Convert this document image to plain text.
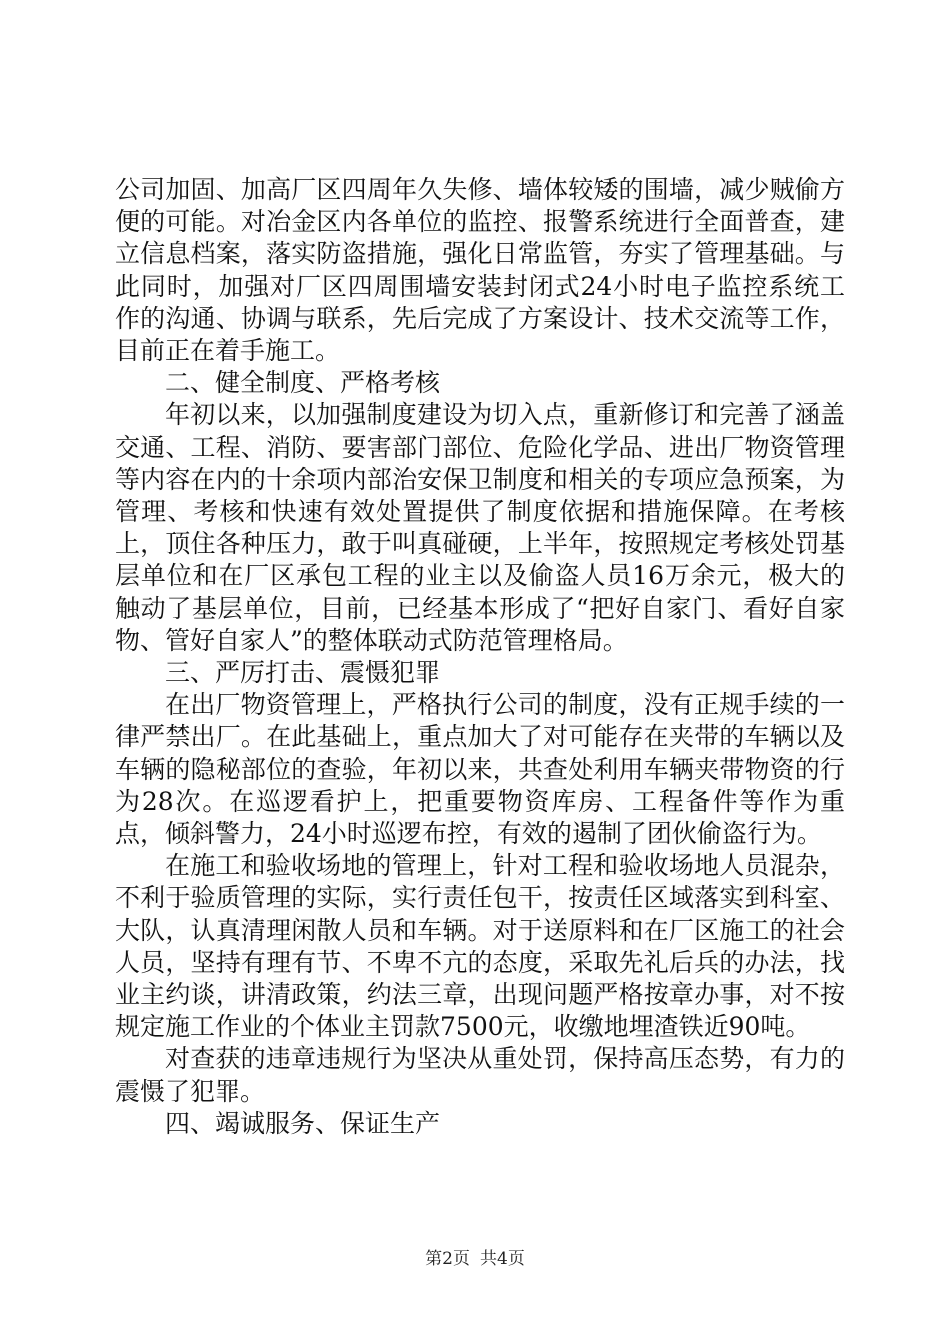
公司加固、加高厂区四周年久失修、墙体较矮的围墙，减少贼偷方便的可能。对冶金区内各单位的监控、报警系统进行全面普查，建立信息档案，落实防盗措施，强化日常监管，夯实了管理基础。与此同时，加强对厂区四周围墙安装封闭式24小时电子监控系统工作的沟通、协调与联系，先后完成了方案设计、技术交流等工作，目前正在着手施工。

二、健全制度、严格考核

年初以来，以加强制度建设为切入点，重新修订和完善了涵盖交通、工程、消防、要害部门部位、危险化学品、进出厂物资管理等内容在内的十余项内部治安保卫制度和相关的专项应急预案，为管理、考核和快速有效处置提供了制度依据和措施保障。在考核上，顶住各种压力，敢于叫真碰硬，上半年，按照规定考核处罚基层单位和在厂区承包工程的业主以及偷盗人员16万余元，极大的触动了基层单位，目前，已经基本形成了“把好自家门、看好自家物、管好自家人”的整体联动式防范管理格局。

三、严厉打击、震慑犯罪

在出厂物资管理上，严格执行公司的制度，没有正规手续的一律严禁出厂。在此基础上，重点加大了对可能存在夹带的车辆以及车辆的隐秘部位的查验，年初以来，共查处利用车辆夹带物资的行为28次。在巡逻看护上，把重要物资库房、工程备件等作为重点，倾斜警力，24小时巡逻布控，有效的遏制了团伙偷盗行为。

在施工和验收场地的管理上，针对工程和验收场地人员混杂，不利于验质管理的实际，实行责任包干，按责任区域落实到科室、大队，认真清理闲散人员和车辆。对于送原料和在厂区施工的社会人员，坚持有理有节、不卑不亢的态度，采取先礼后兵的办法，找业主约谈，讲清政策，约法三章，出现问题严格按章办事，对不按规定施工作业的个体业主罚款7500元，收缴地埋渣铁近90吨。

对查获的违章违规行为坚决从重处罚，保持高压态势，有力的震慑了犯罪。

四、竭诚服务、保证生产

第2页 共4页
